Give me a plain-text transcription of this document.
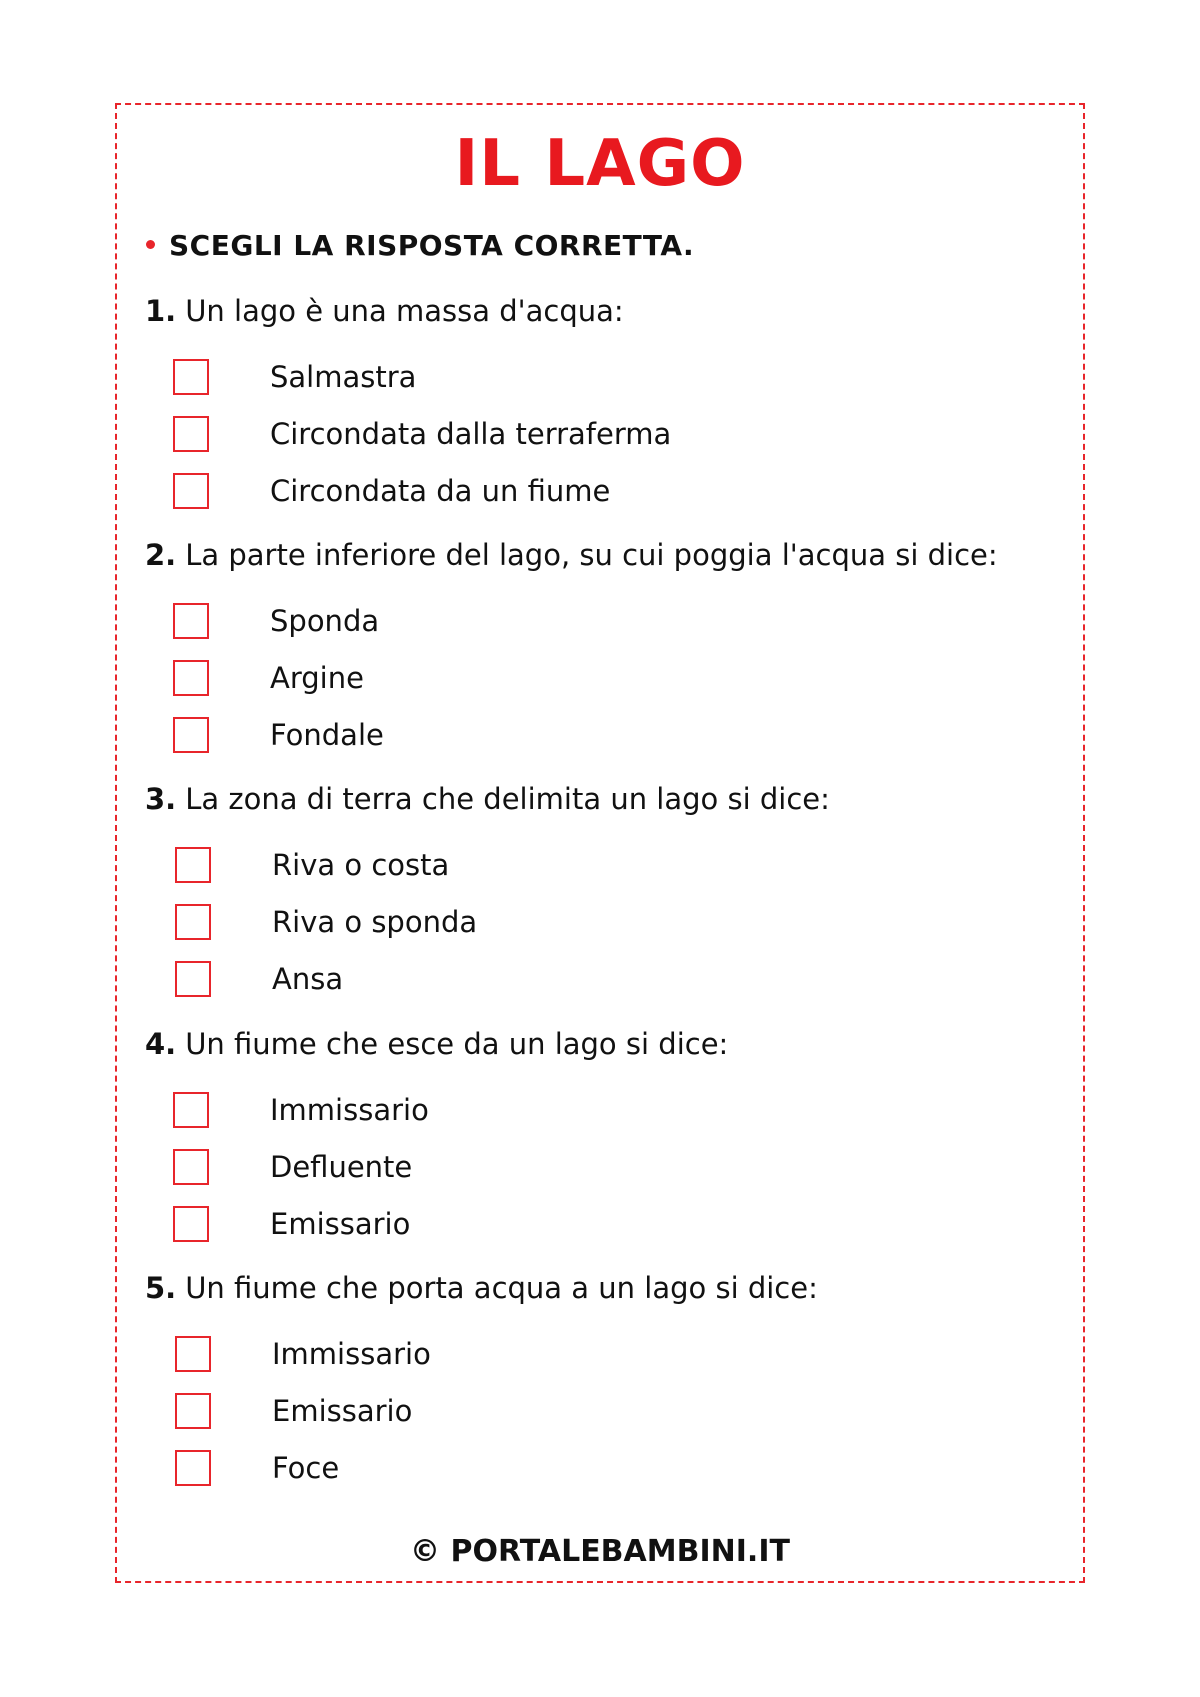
IL LAGO
SCEGLI LA RISPOSTA CORRETTA.
1. Un lago è una massa d'acqua:
Salmastra
Circondata dalla terraferma
Circondata da un fiume
2. La parte inferiore del lago, su cui poggia l'acqua si dice:
Sponda
Argine
Fondale
3. La zona di terra che delimita un lago si dice:
Riva o costa
Riva o sponda
Ansa
4. Un fiume che esce da un lago si dice:
Immissario
Defluente
Emissario
5. Un fiume che porta acqua a un lago si dice:
Immissario
Emissario
Foce
© PORTALEBAMBINI.IT
